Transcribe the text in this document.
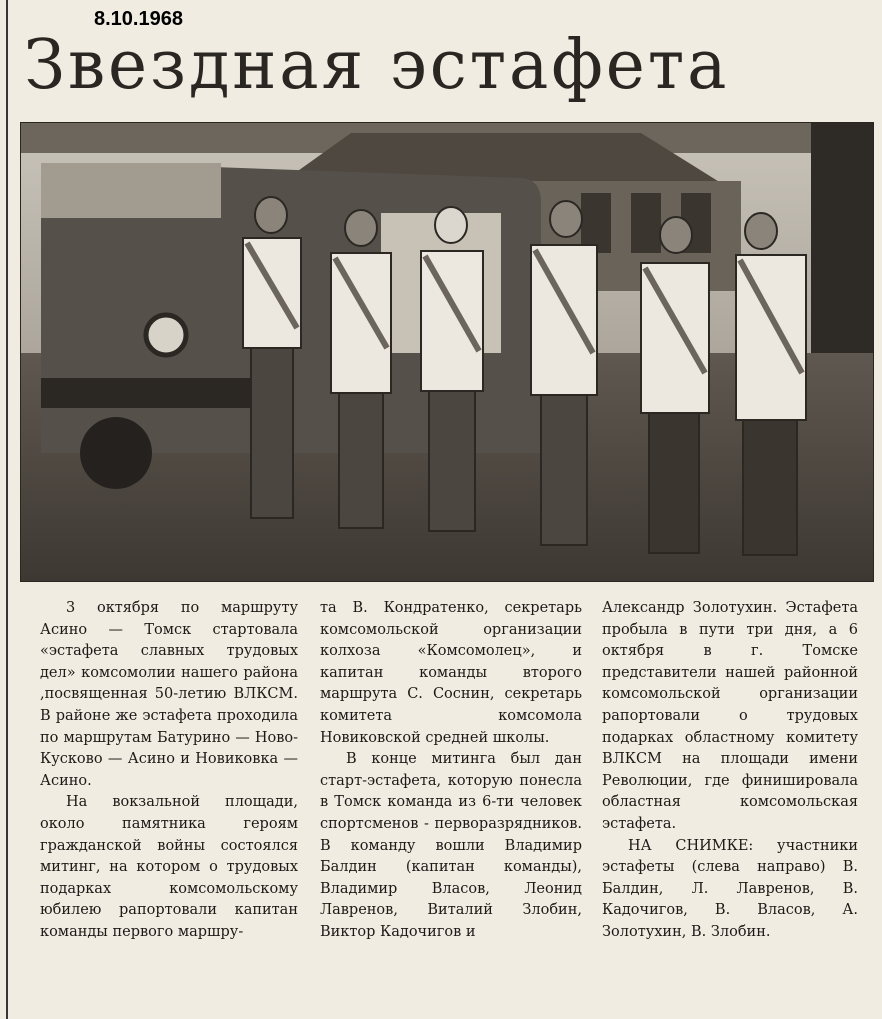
8.10.1968
Звездная эстафета

3 октября по маршруту Асино — Томск стартовала «эстафета славных трудовых дел» комсомолии нашего района ,посвященная 50-летию ВЛКСМ. В районе же эстафета проходила по маршрутам Батурино — Ново-Кусково — Асино и Новиковка — Асино.

На вокзальной площади, около памятника героям гражданской войны состоялся митинг, на котором о трудовых подарках комсомольскому юбилею рапортовали капитан команды первого маршру-

та В. Кондратенко, секретарь комсомольской организации колхоза «Комсомолец», и капитан команды второго маршрута С. Соснин, секретарь комитета комсомола Новиковской средней школы.

В конце митинга был дан старт-эстафета, которую понесла в Томск команда из 6-ти человек спортсменов - перворазрядников. В команду вошли Владимир Балдин (капитан команды), Владимир Власов, Леонид Лавренов, Виталий Злобин, Виктор Кадочигов и

Александр Золотухин. Эстафета пробыла в пути три дня, а 6 октября в г. Томске представители нашей районной комсомольской организации рапортовали о трудовых подарках областному комитету ВЛКСМ на площади имени Революции, где финишировала областная комсомольская эстафета.

НА СНИМКЕ: участники эстафеты (слева направо) В. Балдин, Л. Лавренов, В. Кадочигов, В. Власов, А. Золотухин, В. Злобин.
